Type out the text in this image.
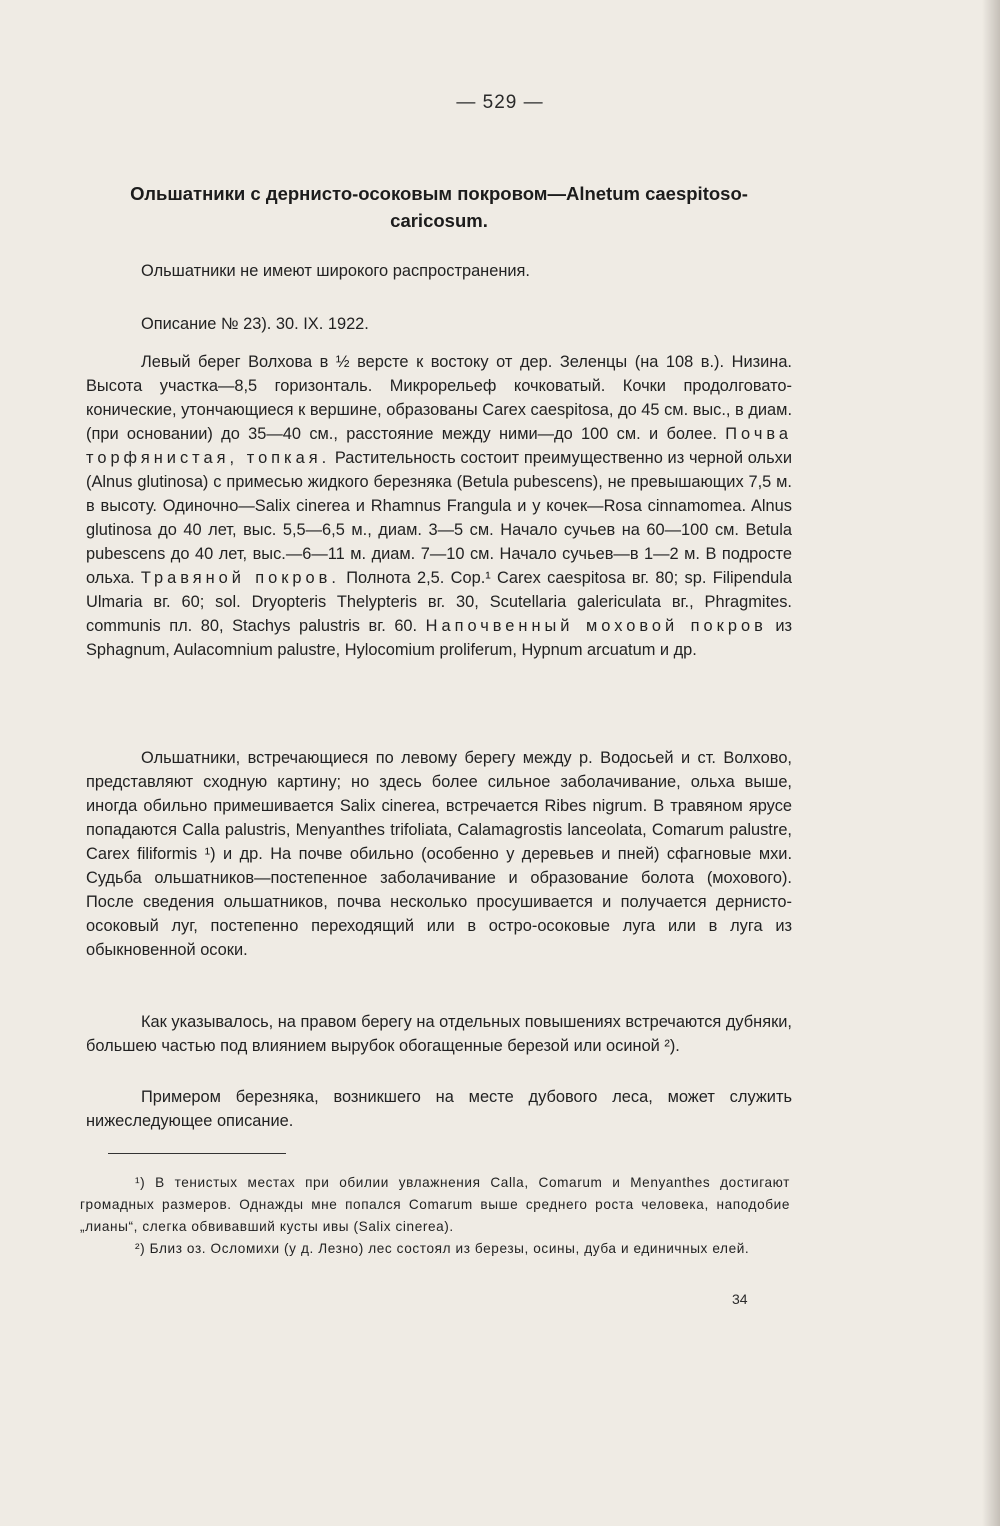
— 529 —
Ольшатники с дернисто-осоковым покровом—Alnetum caespitoso-caricosum.

Ольшатники не имеют широкого распространения.

Описание № 23). 30. IX. 1922.

Левый берег Волхова в ½ версте к востоку от дер. Зеленцы (на 108 в.). Низина. Высота участка—8,5 горизонталь. Микрорельеф кочковатый. Кочки продолговато-конические, утончающиеся к вершине, образованы Carex caespitosa, до 45 см. выс., в диам. (при основании) до 35—40 см., расстояние между ними—до 100 см. и более. Почва торфянистая, топкая. Растительность состоит преимущественно из черной ольхи (Alnus glutinosa) с примесью жидкого березняка (Betula pubescens), не превышающих 7,5 м. в высоту. Одиночно—Salix cinerea и Rhamnus Frangula и у кочек—Rosa cinnamomea. Alnus glutinosa до 40 лет, выс. 5,5—6,5 м., диам. 3—5 см. Начало сучьев на 60—100 см. Betula pubescens до 40 лет, выс.—6—11 м. диам. 7—10 см. Начало сучьев—в 1—2 м. В подросте ольха. Травяной покров. Полнота 2,5. Cop.¹ Carex caespitosa вг. 80; sp. Filipendula Ulmaria вг. 60; sol. Dryopteris Thelypteris вг. 30, Scutellaria galericulata вг., Phragmites. communis пл. 80, Stachys palustris вг. 60. Напочвенный моховой покров из Sphagnum, Aulacomnium palustre, Hylocomium proliferum, Hypnum arcuatum и др.

Ольшатники, встречающиеся по левому берегу между р. Водосьей и ст. Волхово, представляют сходную картину; но здесь более сильное заболачивание, ольха выше, иногда обильно примешивается Salix cinerea, встречается Ribes nigrum. В травяном ярусе попадаются Calla palustris, Menyanthes trifoliata, Calamagrostis lanceolata, Comarum palustre, Carex filiformis ¹) и др. На почве обильно (особенно у деревьев и пней) сфагновые мхи. Судьба ольшатников—постепенное заболачивание и образование болота (мохового). После сведения ольшатников, почва несколько просушивается и получается дернисто-осоковый луг, постепенно переходящий или в остро-осоковые луга или в луга из обыкновенной осоки.

Как указывалось, на правом берегу на отдельных повышениях встречаются дубняки, большею частью под влиянием вырубок обогащенные березой или осиной ²).

Примером березняка, возникшего на месте дубового леса, может служить нижеследующее описание.

¹) В тенистых местах при обилии увлажнения Calla, Comarum и Menyanthes достигают громадных размеров. Однажды мне попался Comarum выше среднего роста человека, наподобие „лианы“, слегка обвивавший кусты ивы (Salix cinerea).

²) Близ оз. Осломихи (у д. Лезно) лес состоял из березы, осины, дуба и единичных елей.

34
